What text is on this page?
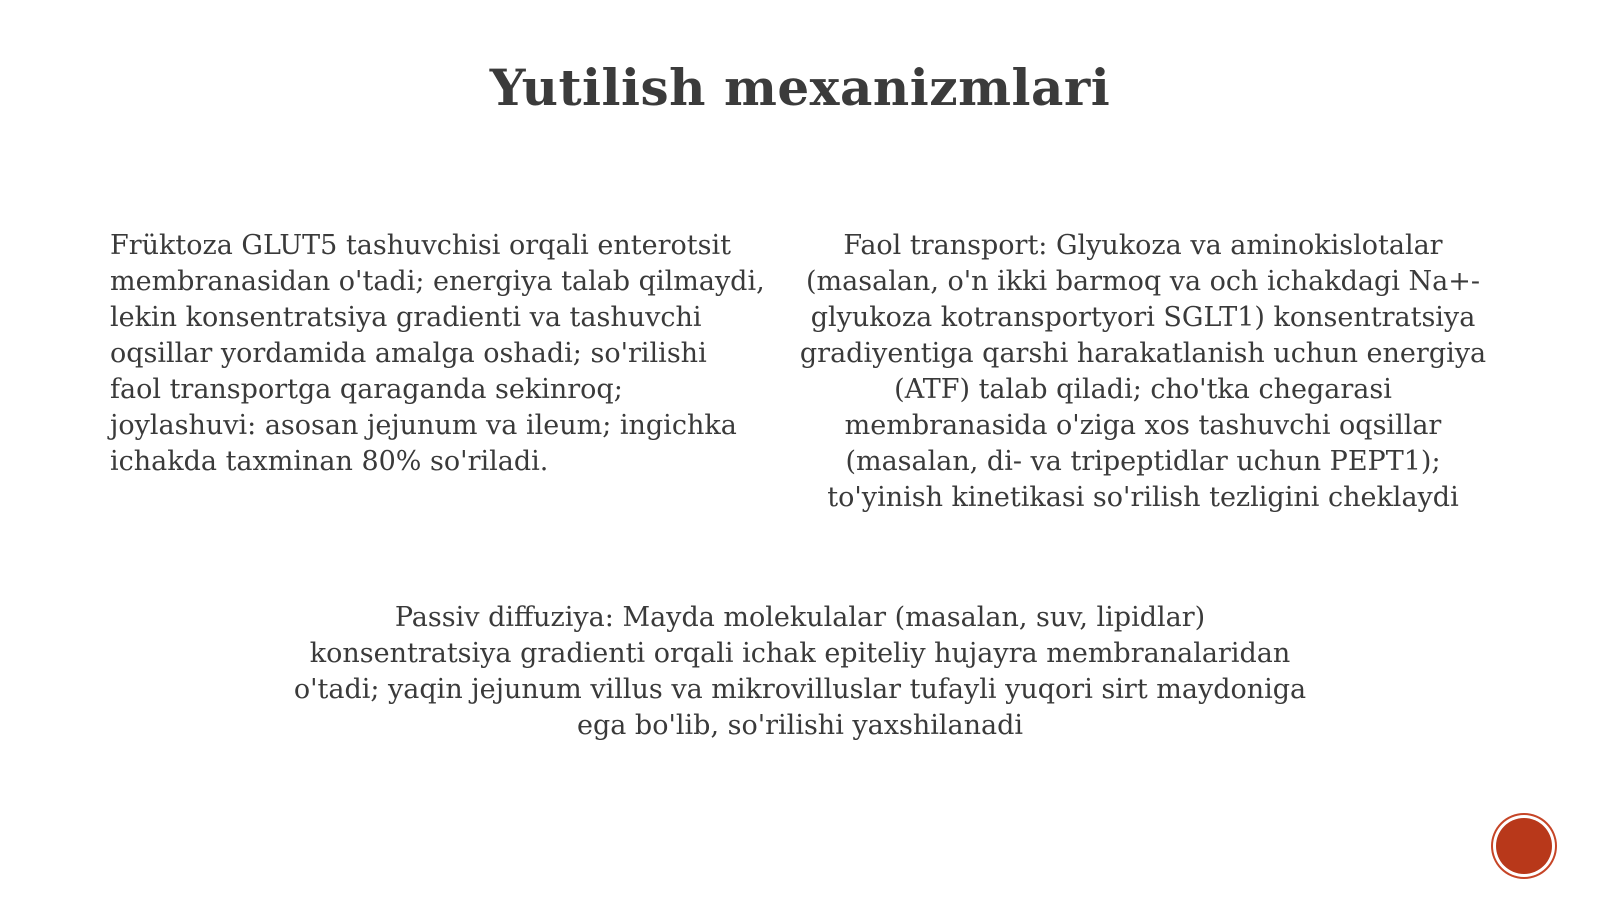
Yutilish mexanizmlari
Früktoza GLUT5 tashuvchisi orqali enterotsit membranasidan o'tadi; energiya talab qilmaydi, lekin konsentratsiya gradienti va tashuvchi oqsillar yordamida amalga oshadi; so'rilishi faol transportga qaraganda sekinroq; joylashuvi: asosan jejunum va ileum; ingichka ichakda taxminan 80% so'riladi.
Faol transport: Glyukoza va aminokislotalar (masalan, o'n ikki barmoq va och ichakdagi Na+-glyukoza kotransportyori SGLT1) konsentratsiya gradiyentiga qarshi harakatlanish uchun energiya (ATF) talab qiladi; cho'tka chegarasi membranasida o'ziga xos tashuvchi oqsillar (masalan, di- va tripeptidlar uchun PEPT1); to'yinish kinetikasi so'rilish tezligini cheklaydi
Passiv diffuziya: Mayda molekulalar (masalan, suv, lipidlar) konsentratsiya gradienti orqali ichak epiteliy hujayra membranalaridan o'tadi; yaqin jejunum villus va mikrovilluslar tufayli yuqori sirt maydoniga ega bo'lib, so'rilishi yaxshilanadi
